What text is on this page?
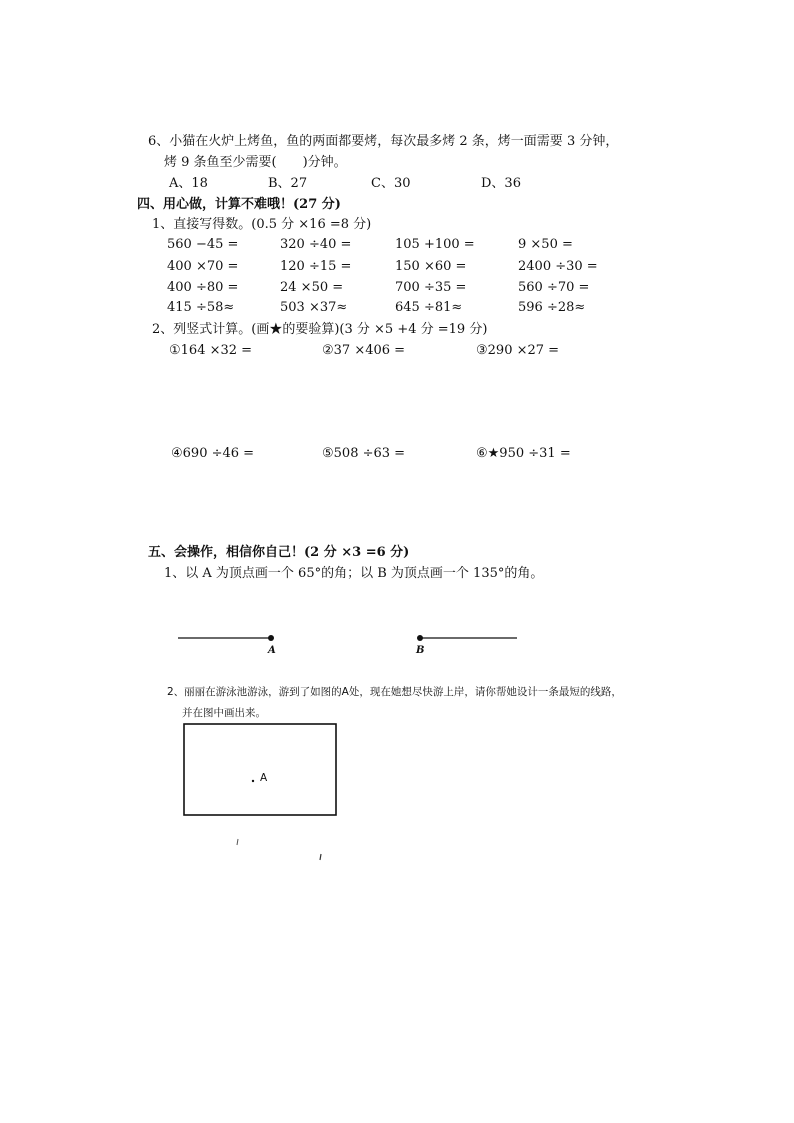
6、小猫在火炉上烤鱼，鱼的两面都要烤，每次最多烤 2 条，烤一面需要 3 分钟，
烤 9 条鱼至少需要(　　)分钟。
A、18	B、27	C、30	D、36
四、用心做，计算不难哦！(27 分)
1、直接写得数。(0.5 分 ×16 =8 分)
560 −45 =	320 ÷40 =	105 +100 =	9 ×50 =
400 ×70 =	120 ÷15 =	150 ×60 =	2400 ÷30 =
400 ÷80 =	24 ×50 =	700 ÷35 =	560 ÷70 =
415 ÷58≈	503 ×37≈	645 ÷81≈	596 ÷28≈
2、列竖式计算。(画★的要验算)(3 分 ×5 +4 分 =19 分)
①164 ×32 =	②37 ×406 =	③290 ×27 =
④690 ÷46 =	⑤508 ÷63 =	⑥★950 ÷31 =
五、会操作，相信你自己！(2 分 ×3 =6 分)
1、以 A 为顶点画一个 65°的角；以 B 为顶点画一个 135°的角。
A	B
2、丽丽在游泳池游泳，游到了如图的A处，现在她想尽快游上岸，请你帮她设计一条最短的线路，
并在图中画出来。
A
